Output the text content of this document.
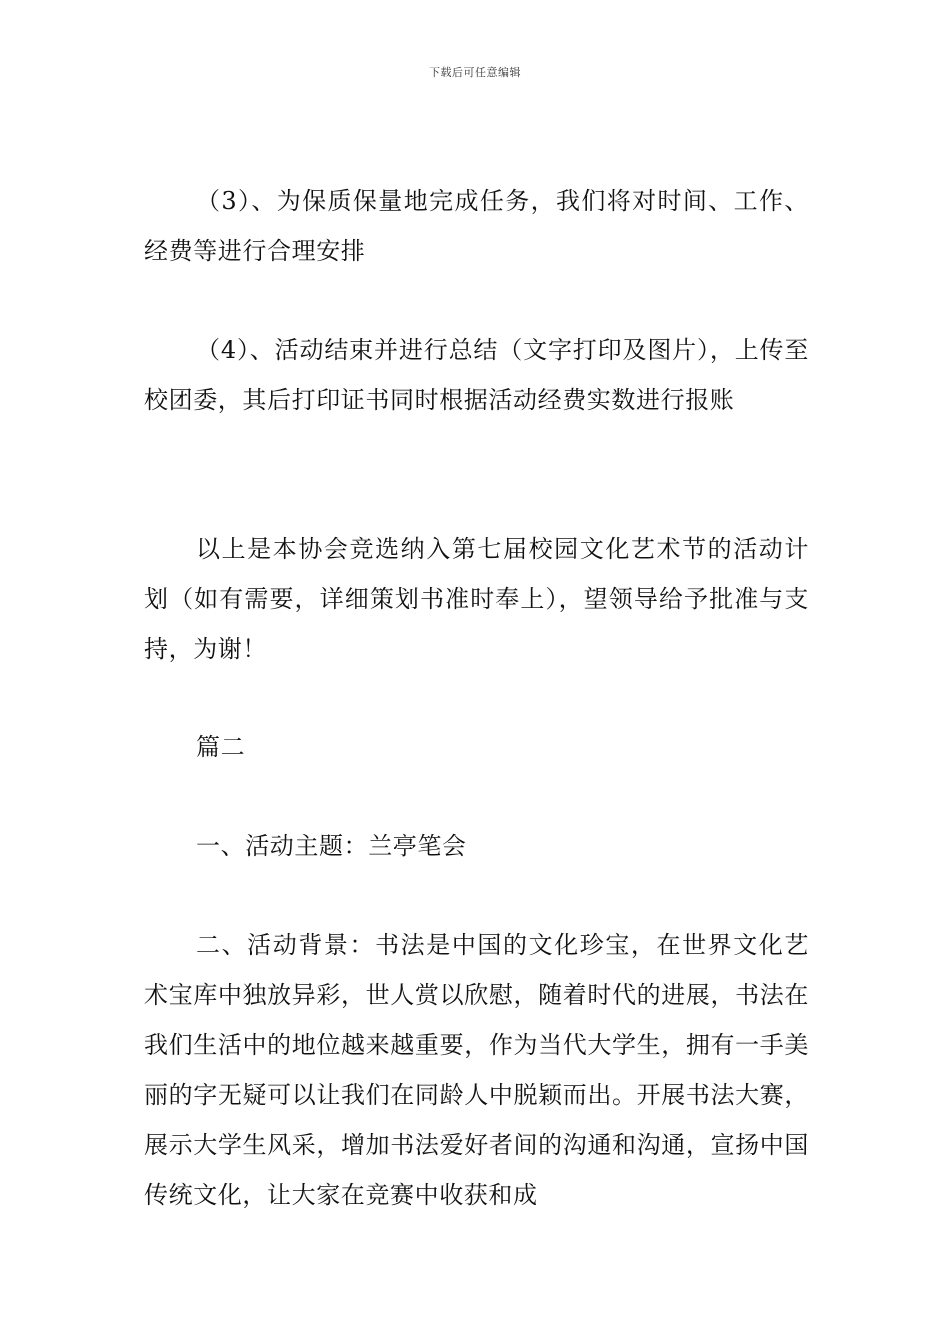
下载后可任意编辑
（3）、为保质保量地完成任务，我们将对时间、工作、经费等进行合理安排
（4）、活动结束并进行总结（文字打印及图片），上传至校团委，其后打印证书同时根据活动经费实数进行报账
以上是本协会竞选纳入第七届校园文化艺术节的活动计划（如有需要，详细策划书准时奉上），望领导给予批准与支持，为谢！
篇二
一、活动主题：兰亭笔会
二、活动背景：书法是中国的文化珍宝，在世界文化艺术宝库中独放异彩，世人赏以欣慰，随着时代的进展，书法在我们生活中的地位越来越重要，作为当代大学生，拥有一手美丽的字无疑可以让我们在同龄人中脱颖而出。开展书法大赛，展示大学生风采，增加书法爱好者间的沟通和沟通，宣扬中国传统文化，让大家在竞赛中收获和成
